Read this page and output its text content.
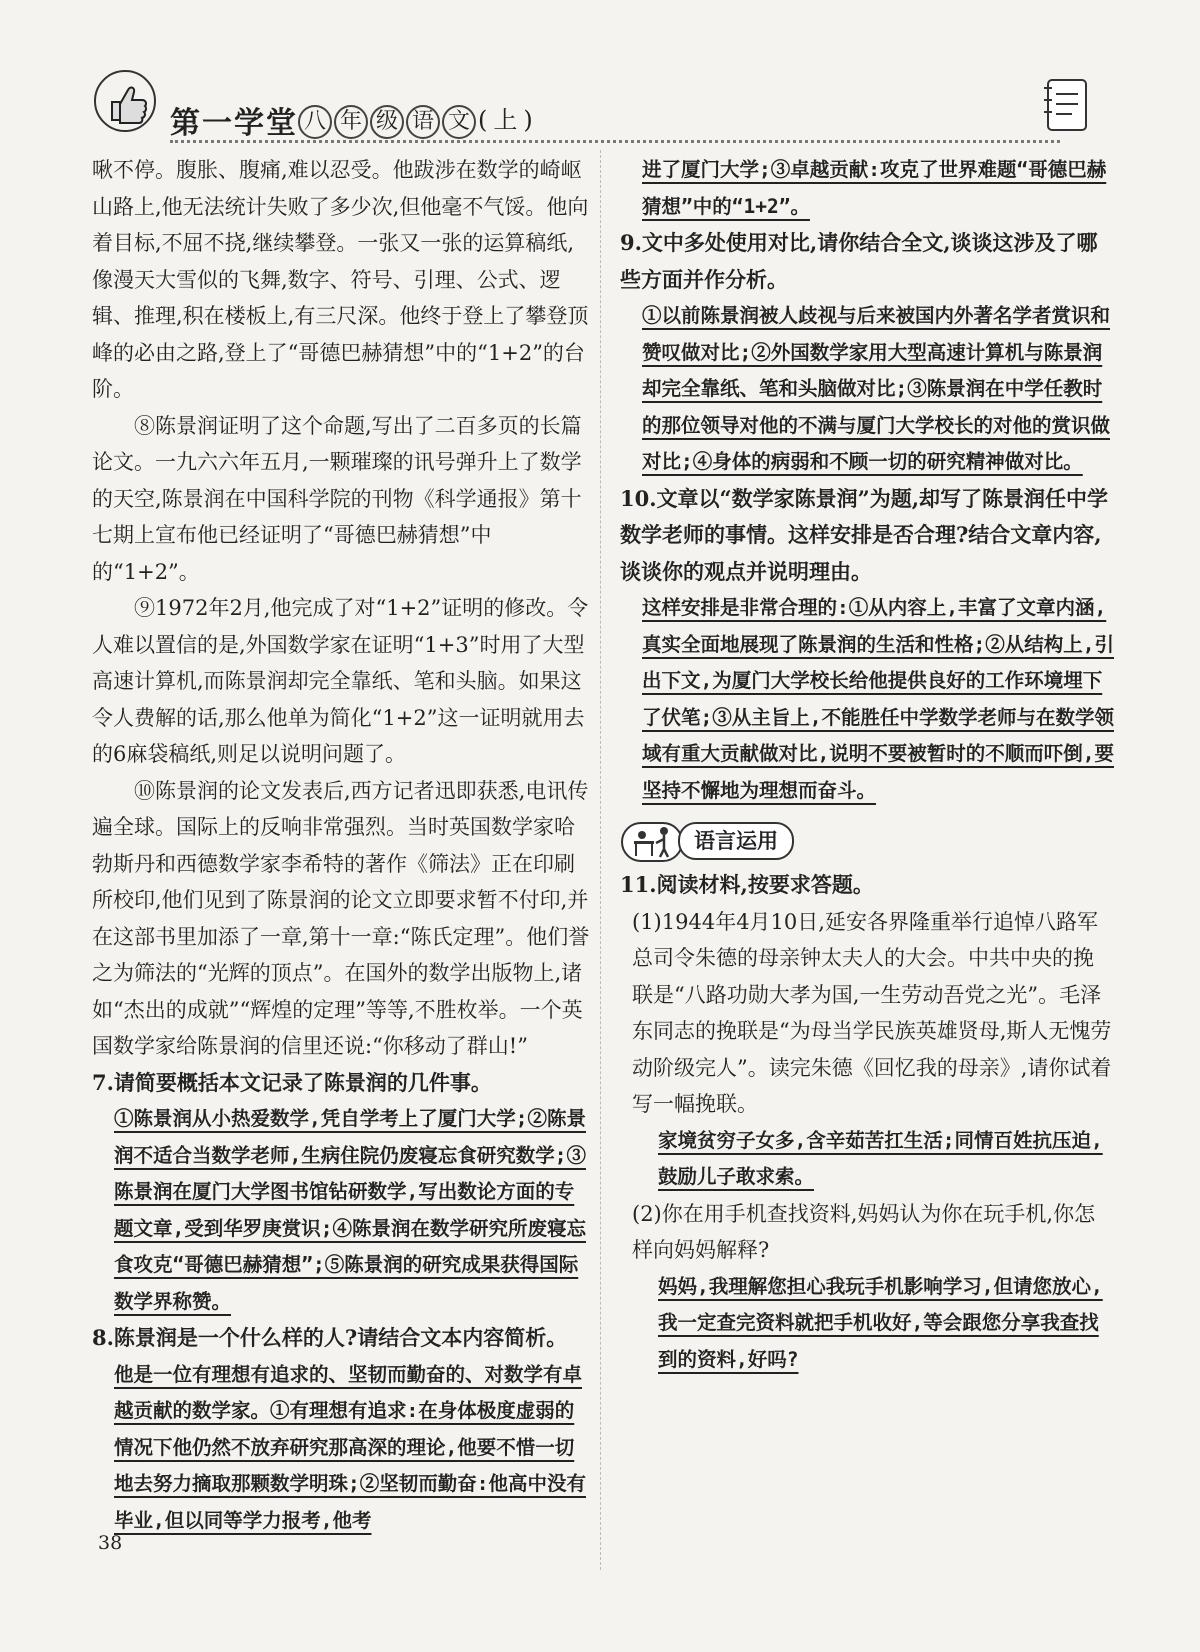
第一学堂 八 年 级 语 文 (上)

啾不停。腹胀、腹痛,难以忍受。他跋涉在数学的崎岖山路上,他无法统计失败了多少次,但他毫不气馁。他向着目标,不屈不挠,继续攀登。一张又一张的运算稿纸,像漫天大雪似的飞舞,数字、符号、引理、公式、逻辑、推理,积在楼板上,有三尺深。他终于登上了攀登顶峰的必由之路,登上了“哥德巴赫猜想”中的“1+2”的台阶。

⑧陈景润证明了这个命题,写出了二百多页的长篇论文。一九六六年五月,一颗璀璨的讯号弹升上了数学的天空,陈景润在中国科学院的刊物《科学通报》第十七期上宣布他已经证明了“哥德巴赫猜想”中的“1+2”。

⑨1972年2月,他完成了对“1+2”证明的修改。令人难以置信的是,外国数学家在证明“1+3”时用了大型高速计算机,而陈景润却完全靠纸、笔和头脑。如果这令人费解的话,那么他单为简化“1+2”这一证明就用去的6麻袋稿纸,则足以说明问题了。

⑩陈景润的论文发表后,西方记者迅即获悉,电讯传遍全球。国际上的反响非常强烈。当时英国数学家哈勃斯丹和西德数学家李希特的著作《筛法》正在印刷所校印,他们见到了陈景润的论文立即要求暂不付印,并在这部书里加添了一章,第十一章:“陈氏定理”。他们誉之为筛法的“光辉的顶点”。在国外的数学出版物上,诸如“杰出的成就”“辉煌的定理”等等,不胜枚举。一个英国数学家给陈景润的信里还说:“你移动了群山!”

7.请简要概括本文记录了陈景润的几件事。

①陈景润从小热爱数学,凭自学考上了厦门大学;②陈景润不适合当数学老师,生病住院仍废寝忘食研究数学;③陈景润在厦门大学图书馆钻研数学,写出数论方面的专题文章,受到华罗庚赏识;④陈景润在数学研究所废寝忘食攻克“哥德巴赫猜想”;⑤陈景润的研究成果获得国际数学界称赞。

8.陈景润是一个什么样的人?请结合文本内容简析。

他是一位有理想有追求的、坚韧而勤奋的、对数学有卓越贡献的数学家。①有理想有追求:在身体极度虚弱的情况下他仍然不放弃研究那高深的理论,他要不惜一切地去努力摘取那颗数学明珠;②坚韧而勤奋:他高中没有毕业,但以同等学力报考,他考

进了厦门大学;③卓越贡献:攻克了世界难题“哥德巴赫猜想”中的“1+2”。

9.文中多处使用对比,请你结合全文,谈谈这涉及了哪些方面并作分析。

①以前陈景润被人歧视与后来被国内外著名学者赏识和赞叹做对比;②外国数学家用大型高速计算机与陈景润却完全靠纸、笔和头脑做对比;③陈景润在中学任教时的那位领导对他的不满与厦门大学校长的对他的赏识做对比;④身体的病弱和不顾一切的研究精神做对比。

10.文章以“数学家陈景润”为题,却写了陈景润任中学数学老师的事情。这样安排是否合理?结合文章内容,谈谈你的观点并说明理由。

这样安排是非常合理的:①从内容上,丰富了文章内涵,真实全面地展现了陈景润的生活和性格;②从结构上,引出下文,为厦门大学校长给他提供良好的工作环境埋下了伏笔;③从主旨上,不能胜任中学数学老师与在数学领域有重大贡献做对比,说明不要被暂时的不顺而吓倒,要坚持不懈地为理想而奋斗。

语言运用

11.阅读材料,按要求答题。

(1)1944年4月10日,延安各界隆重举行追悼八路军总司令朱德的母亲钟太夫人的大会。中共中央的挽联是“八路功勋大孝为国,一生劳动吾党之光”。毛泽东同志的挽联是“为母当学民族英雄贤母,斯人无愧劳动阶级完人”。读完朱德《回忆我的母亲》,请你试着写一幅挽联。

家境贫穷子女多,含辛茹苦扛生活;同情百姓抗压迫,鼓励儿子敢求索。

(2)你在用手机查找资料,妈妈认为你在玩手机,你怎样向妈妈解释?

妈妈,我理解您担心我玩手机影响学习,但请您放心,我一定查完资料就把手机收好,等会跟您分享我查找到的资料,好吗?

38
